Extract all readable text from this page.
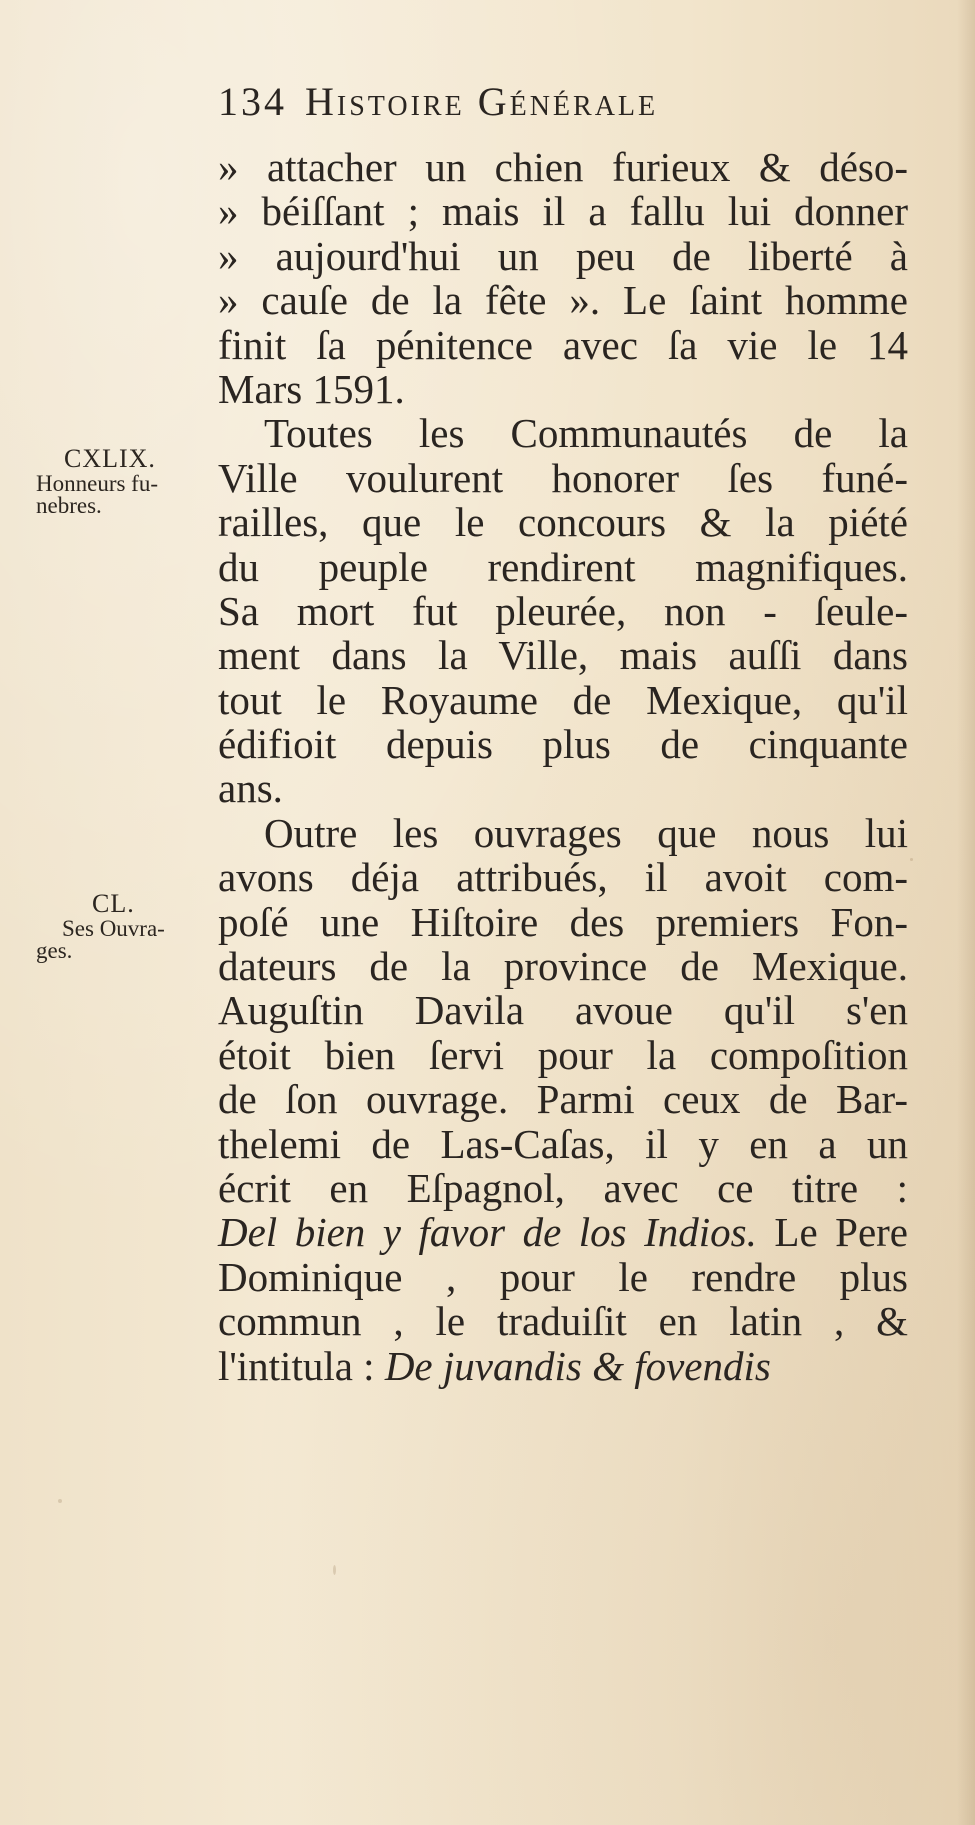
134 Histoire Générale
CXLIX.
Honneurs fu-
nebres.
CL.
Ses Ouvra-
ges.
» attacher un chien furieux & déso-
» béiſſant ; mais il a fallu lui donner
» aujourd'hui un peu de liberté à
» cauſe de la fête ». Le ſaint homme
finit ſa pénitence avec ſa vie le 14
Mars 1591.
Toutes les Communautés de la
Ville voulurent honorer ſes funé-
railles, que le concours & la piété
du peuple rendirent magnifiques.
Sa mort fut pleurée, non - ſeule-
ment dans la Ville, mais auſſi dans
tout le Royaume de Mexique, qu'il
édifioit depuis plus de cinquante
ans.
Outre les ouvrages que nous lui
avons déja attribués, il avoit com-
poſé une Hiſtoire des premiers Fon-
dateurs de la province de Mexique.
Auguſtin Davila avoue qu'il s'en
étoit bien ſervi pour la compoſition
de ſon ouvrage. Parmi ceux de Bar-
thelemi de Las-Caſas, il y en a un
écrit en Eſpagnol, avec ce titre :
Del bien y favor de los Indios. Le Pere
Dominique , pour le rendre plus
commun , le traduiſit en latin , &
l'intitula : De juvandis & fovendis
